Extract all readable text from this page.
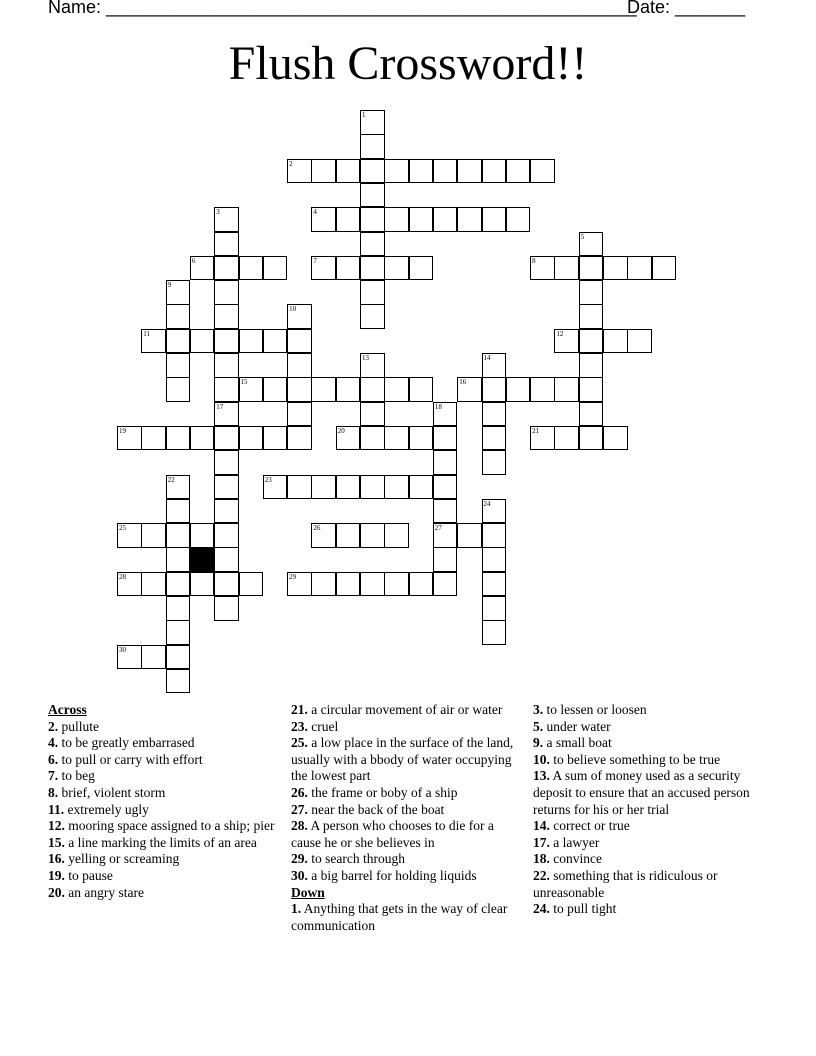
Name: _____________________________________________________
Date: _______
Flush Crossword!!
2
4
6	7	8
11	12
15	16
19	20	21
23
25	26	27
28	29
30
1
3
17
5
9
10
13	14
18
22
24
Across
2. pullute
4. to be greatly embarrased
6. to pull or carry with effort
7. to beg
8. brief, violent storm
11. extremely ugly
12. mooring space assigned to a ship; pier
15. a line marking the limits of an area
16. yelling or screaming
19. to pause
20. an angry stare
21. a circular movement of air or water
23. cruel
25. a low place in the surface of the land, usually with a bbody of water occupying the lowest part
26. the frame or boby of a ship
27. near the back of the boat
28. A person who chooses to die for a cause he or she believes in
29. to search through
30. a big barrel for holding liquids
Down
1. Anything that gets in the way of clear communication
3. to lessen or loosen
5. under water
9. a small boat
10. to believe something to be true
13. A sum of money used as a security deposit to ensure that an accused person returns for his or her trial
14. correct or true
17. a lawyer
18. convince
22. something that is ridiculous or unreasonable
24. to pull tight
